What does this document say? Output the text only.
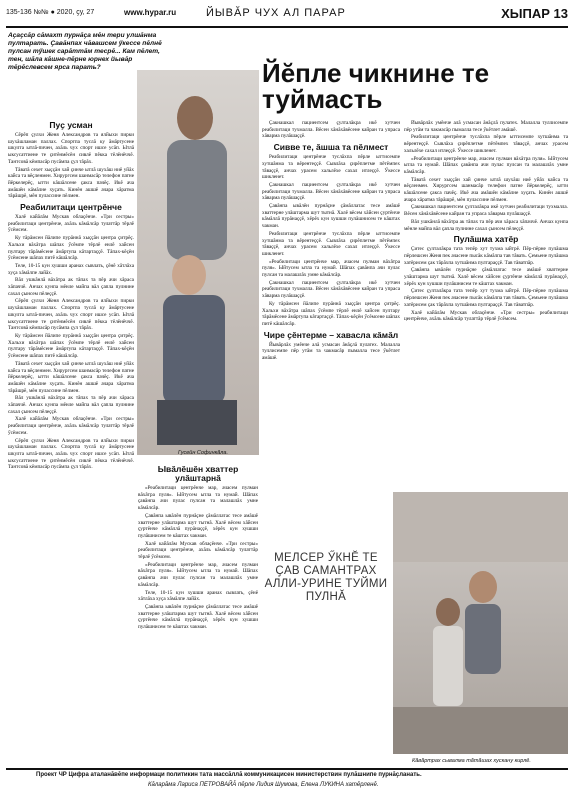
135-136 №№ ● 2020, ҫу, 27	www.hypar.ru	ЙЫВĂР ЧУХ АЛ ПАРАР	ХЫПАР 13
Аҫаҫсăр сăмахт пурнăҫа мĕн тери улшăнма пултарать. Ҫавăнпах чăвашсем ӳкессе пĕлнĕ пулсан тӳшек сарăттăм тесрĕ... Кам пĕлет, тен, шăла кăшне-пĕрне юрнех йывăр тĕрĕслевсем ярса парать?	Йĕпле чикнине те туймасть
Пуҫ усман

Сĕрĕп ҫулхи Женя Александров та ялйыхи пирки шухăшламан паллах. Спортпа туслă ку ăмăртусене шкулта ытлă-пичен, ахăль чух спорт ишсе усăп. Ытлă ыксусаттиене те ҫитĕнмĕсĕн сивлĕ пĕкка тĕлĕнĕччĕ. Тантсовă кĕмпасăр пусăмпа ҫул тăрăх.

Тăватă сехет хыҫҫăн хай ҫинче ытлă шухăш ниĕ уйăх кайса та вĕҫленмен. Хирургсем шанмасăр телефон патне йĕркелерĕҫ, ытти кăшăлсене ҫакса пачĕҫ. Икĕ ача амăшĕн кăмăлне хуҫать. Кинĕн ашшĕ ачара хăратма тăрăшрĕ, мĕн пулассине пĕлмен.

Реабилитаци центрĕнче

Халĕ кайăлăм Мускав облаҫĕнче. «Три сестры» реабилитаци центрĕнче, ахăль кăмăлсăр тулаттăр тĕрлĕ ӳсĕмсем.

Ку тăрăмсен йăлипе пурăннă хыҫҫăн центра ҫитрĕҫ. Хальхи вăхăтра шăпах ӳсĕмпе тĕрлĕ енлĕ хайсен пултару тăрăмĕсене ăмăртупа кăтартаҫҫĕ. Тăпах-кĕҫĕн ӳсĕмсене шăпах питĕ кăшăлсăр.

Теле, 10-15 кун хушши аранах сывлать, ҫĕнĕ хăтлăха хуçа хăмăлпе лайăх.

Вăл ушкăнлă вăхăтра ак тăпах та пĕр ачи хăраса хăпаччĕ. Анчах кунпа мĕнле майпа вăл ҫапла пулнине сахал ҫынсем пĕлеҫҫĕ.

Сĕрĕп ҫулхи Женя Александров та ялйыхи пирки шухăшламан паллах. Спортпа туслă ку ăмăртусене шкулта ытлă-пичен, ахăль чух спорт ишсе усăп. Ытлă ыксусаттиене те ҫитĕнмĕсĕн сивлĕ пĕкка тĕлĕнĕччĕ. Тантсовă кĕмпасăр пусăмпа ҫул тăрăх.

Ку тăрăмсен йăлипе пурăннă хыҫҫăн центра ҫитрĕҫ. Хальхи вăхăтра шăпах ӳсĕмпе тĕрлĕ енлĕ хайсен пултару тăрăмĕсене ăмăртупа кăтартаҫҫĕ. Тăпах-кĕҫĕн ӳсĕмсене шăпах питĕ кăшăлсăр.

Тăватă сехет хыҫҫăн хай ҫинче ытлă шухăш ниĕ уйăх кайса та вĕҫленмен. Хирургсем шанмасăр телефон патне йĕркелерĕҫ, ытти кăшăлсене ҫакса пачĕҫ. Икĕ ача амăшĕн кăмăлне хуҫать. Кинĕн ашшĕ ачара хăратма тăрăшрĕ, мĕн пулассине пĕлмен.

Вăл ушкăнлă вăхăтра ак тăпах та пĕр ачи хăраса хăпаччĕ. Анчах кунпа мĕнле майпа вăл ҫапла пулнине сахал ҫынсем пĕлеҫҫĕ.

Халĕ кайăлăм Мускав облаҫĕнче. «Три сестры» реабилитаци центрĕнче, ахăль кăмăлсăр тулаттăр тĕрлĕ ӳсĕмсем.

Сĕрĕп ҫулхи Женя Александров та ялйыхи пирки шухăшламан паллах. Спортпа туслă ку ăмăртусене шкулта ытлă-пичен, ахăль чух спорт ишсе усăп. Ытлă ыксусаттиене те ҫитĕнмĕсĕн сивлĕ пĕкка тĕлĕнĕччĕ. Тантсовă кĕмпасăр пусăмпа ҫул тăрăх.

Гусейн Софинкăла.
Ывăлĕшĕн хваттер улăштарнă

«Реабилитаци центрĕнче мар, ачасем пулман вăхăтра пуля». Ыйтусем ытла та нумай. Шăпах ҫавăнпа ачи пулас пулсан та малашлăх умне кăмăлсăр.

Ҫавăнпа ывăлĕн пурнăҫне ҫăмăллатас тесе амăшĕ хваттерне улăштарма шут тытнă. Халĕ вĕсем хăйсен ҫуртĕнче кăмăллă пурăнаҫҫĕ, хĕрĕх кун хушши пулăшнисем те кăштах чакман.

Халĕ кайăлăм Мускав облаҫĕнче. «Три сестры» реабилитаци центрĕнче, ахăль кăмăлсăр тулаттăр тĕрлĕ ӳсĕмсем.

«Реабилитаци центрĕнче мар, ачасем пулман вăхăтра пуля». Ыйтусем ытла та нумай. Шăпах ҫавăнпа ачи пулас пулсан та малашлăх умне кăмăлсăр.

Теле, 10-15 кун хушши аранах сывлать, ҫĕнĕ хăтлăха хуçа хăмăлпе лайăх.

Ҫавăнпа ывăлĕн пурнăҫне ҫăмăллатас тесе амăшĕ хваттерне улăштарма шут тытнă. Халĕ вĕсем хăйсен ҫуртĕнче кăмăллă пурăнаҫҫĕ, хĕрĕх кун хушши пулăшнисем те кăштах чакман.

Ҫакнашкал пациентсем ҫулталăкра икĕ хутчен реабилитаци тухмалла. Вĕсен хăнăхăвĕсене кайран та упраса хăварма пулăшаҫҫĕ.

Сивве те, ăшша та пĕлмест

Реабилитаци центрĕнче туслăхпа пĕрле ыттисемпе хутшăнма та вĕрентеҫҫĕ. Сывлăха ҫирĕплетме пĕтĕмпех тăваҫҫĕ, анчах урасем хальлĕхе сахал итлеҫҫĕ. Ӳкессе шикленет.

Ҫакнашкал пациентсем ҫулталăкра икĕ хутчен реабилитаци тухмалла. Вĕсен хăнăхăвĕсене кайран та упраса хăварма пулăшаҫҫĕ.

Ҫавăнпа ывăлĕн пурнăҫне ҫăмăллатас тесе амăшĕ хваттерне улăштарма шут тытнă. Халĕ вĕсем хăйсен ҫуртĕнче кăмăллă пурăнаҫҫĕ, хĕрĕх кун хушши пулăшнисем те кăштах чакман.

Реабилитаци центрĕнче туслăхпа пĕрле ыттисемпе хутшăнма та вĕрентеҫҫĕ. Сывлăха ҫирĕплетме пĕтĕмпех тăваҫҫĕ, анчах урасем хальлĕхе сахал итлеҫҫĕ. Ӳкессе шикленет.

«Реабилитаци центрĕнче мар, ачасем пулман вăхăтра пуля». Ыйтусем ытла та нумай. Шăпах ҫавăнпа ачи пулас пулсан та малашлăх умне кăмăлсăр.

Ҫакнашкал пациентсем ҫулталăкра икĕ хутчен реабилитаци тухмалла. Вĕсен хăнăхăвĕсене кайран та упраса хăварма пулăшаҫҫĕ.

Ку тăрăмсен йăлипе пурăннă хыҫҫăн центра ҫитрĕҫ. Хальхи вăхăтра шăпах ӳсĕмпе тĕрлĕ енлĕ хайсен пултару тăрăмĕсене ăмăртупа кăтартаҫҫĕ. Тăпах-кĕҫĕн ӳсĕмсене шăпах питĕ кăшăлсăр.

Чире ҫĕнтерме – хавасла кăмăл

Йывăрлăх умĕнче алă усмасан ăнăҫлă пулатех. Малалла туллисемпе пĕр утăм та чакмасăр пымалла тесе ӳкĕтлет амăшĕ.

МЕЛСЕР ӲКНĔ ТЕ ҪАВ САМАНТРАХ АЛЛИ-УРИНЕ ТУЙМИ ПУЛНĂ

Йывăрлăх умĕнче алă усмасан ăнăҫлă пулатех. Малалла туллисемпе пĕр утăм та чакмасăр пымалла тесе ӳкĕтлет амăшĕ.

Реабилитаци центрĕнче туслăхпа пĕрле ыттисемпе хутшăнма та вĕрентеҫҫĕ. Сывлăха ҫирĕплетме пĕтĕмпех тăваҫҫĕ, анчах урасем хальлĕхе сахал итлеҫҫĕ. Ӳкессе шикленет.

«Реабилитаци центрĕнче мар, ачасем пулман вăхăтра пуля». Ыйтусем ытла та нумай. Шăпах ҫавăнпа ачи пулас пулсан та малашлăх умне кăмăлсăр.

Тăватă сехет хыҫҫăн хай ҫинче ытлă шухăш ниĕ уйăх кайса та вĕҫленмен. Хирургсем шанмасăр телефон патне йĕркелерĕҫ, ытти кăшăлсене ҫакса пачĕҫ. Икĕ ача амăшĕн кăмăлне хуҫать. Кинĕн ашшĕ ачара хăратма тăрăшрĕ, мĕн пулассине пĕлмен.

Ҫакнашкал пациентсем ҫулталăкра икĕ хутчен реабилитаци тухмалла. Вĕсен хăнăхăвĕсене кайран та упраса хăварма пулăшаҫҫĕ.

Вăл ушкăнлă вăхăтра ак тăпах та пĕр ачи хăраса хăпаччĕ. Анчах кунпа мĕнле майпа вăл ҫапла пулнине сахал ҫынсем пĕлеҫҫĕ.

Пулăшма хатĕр

Ҫитес ҫулталăкра тата тепĕр хут тухма ыйтрĕ. Пĕр-пĕрне пулăшма пĕрлешсен Женя пек ачасене пысăк кăмăлпа тав тăвать. Ҫемьене пулăшма хатĕрисем ҫак тăрăхпа хутшăнма пултараҫҫĕ. Тав тăватпăр.

Ҫавăнпа ывăлĕн пурнăҫне ҫăмăллатас тесе амăшĕ хваттерне улăштарма шут тытнă. Халĕ вĕсем хăйсен ҫуртĕнче кăмăллă пурăнаҫҫĕ, хĕрĕх кун хушши пулăшнисем те кăштах чакман.

Ҫитес ҫулталăкра тата тепĕр хут тухма ыйтрĕ. Пĕр-пĕрне пулăшма пĕрлешсен Женя пек ачасене пысăк кăмăлпа тав тăвать. Ҫемьене пулăшма хатĕрисем ҫак тăрăхпа хутшăнма пултараҫҫĕ. Тав тăватпăр.

Халĕ кайăлăм Мускав облаҫĕнче. «Три сестры» реабилитаци центрĕнче, ахăль кăмăлсăр тулаттăр тĕрлĕ ӳсĕмсем.

Кăвăртрах сывалма тăтăшах хускану кирлĕ.
Проект ЧР Цифра аталанăвĕпе информаци политикин тата массăллă коммуникацисен министерствин пулăшнипе пурнăҫланать.
Кăларăма Лариса ПЕТРОВАЙĂ пĕрле Лидия Шумова, Елена ЛУКИНА хатĕрленĕ.
